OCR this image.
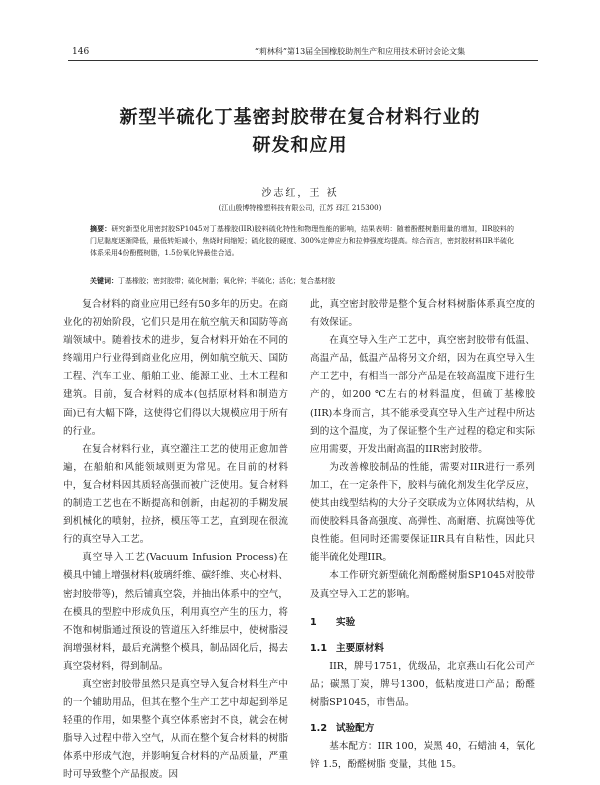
146	“莉林科”第13届全国橡胶助剂生产和应用技术研讨会论文集
新型半硫化丁基密封胶带在复合材料行业的
研发和应用
沙志红，王 袄
(江山殷博特橡塑科技有限公司，江苏 邳江 215300)
摘要：研究新型化用密封胶SP1045对丁基橡胶(IIR)胶料硫化特性和物理性能的影响，结果表明：随着酚醛树脂用量的增加，IIR胶料的门尼黏度逐渐降低，最低转矩减小，焦烧时间缩短；硫化胶的硬度、300%定伸应力和拉伸强度均提高。综合而言，密封胶材料IIR半硫化体系采用4份酚醛树脂，1.5份氧化锌最佳合适。
关键词：丁基橡胶；密封胶带；硫化树脂；氧化锌；半硫化；活化；复合基材胶

复合材料的商业应用已经有50多年的历史。在商业化的初始阶段，它们只是用在航空航天和国防等高端领域中。随着技术的进步，复合材料开始在不同的终端用户行业得到商业化应用，例如航空航天、国防工程、汽车工业、船舶工业、能源工业、土木工程和建筑。目前，复合材料的成本(包括原材料和制造方面)已有大幅下降，这使得它们得以大规模应用于所有的行业。

在复合材料行业，真空灌注工艺的使用正愈加普遍，在船舶和风能领域则更为常见。在目前的材料中，复合材料因其质轻高强而被广泛使用。复合材料的制造工艺也在不断提高和创新，由起初的手糊发展到机械化的喷射，拉挤，模压等工艺，直到现在很流行的真空导入工艺。

真空导入工艺(Vacuum Infusion Process)在模具中铺上增强材料(玻璃纤维、碳纤维、夹心材料、密封胶带等)，然后铺真空袋，并抽出体系中的空气，在模具的型腔中形成负压，利用真空产生的压力，将不饱和树脂通过预设的管道压入纤维层中，使树脂浸润增强材料，最后充满整个模具，制品固化后，揭去真空袋材料，得到制品。

真空密封胶带虽然只是真空导入复合材料生产中的一个辅助用品，但其在整个生产工艺中却起到举足轻重的作用，如果整个真空体系密封不良，就会在树脂导入过程中带入空气，从而在整个复合材料的树脂体系中形成气泡，并影响复合材料的产品质量，严重时可导致整个产品报废。因

此，真空密封胶带是整个复合材料树脂体系真空度的有效保证。

在真空导入生产工艺中，真空密封胶带有低温、高温产品，低温产品将另文介绍，因为在真空导入生产工艺中，有相当一部分产品是在较高温度下进行生产的，如200 ℃左右的材料温度，但硫丁基橡胶(IIR)本身而言，其不能承受真空导入生产过程中所达到的这个温度，为了保证整个生产过程的稳定和实际应用需要，开发出耐高温的IIR密封胶带。

为改善橡胶制品的性能，需要对IIR进行一系列加工，在一定条件下，胶料与硫化剂发生化学反应，使其由线型结构的大分子交联成为立体网状结构，从而使胶料具备高强度、高弹性、高耐磨、抗腐蚀等优良性能。但同时还需要保证IIR具有自粘性，因此只能半硫化处理IIR。

本工作研究新型硫化剂酚醛树脂SP1045对胶带及真空导入工艺的影响。

1 实验
1.1 主要原材料

IIR，牌号1751，优级品，北京燕山石化公司产品；碳黑丁炭，牌号1300，低粘度进口产品；酚醛树脂SP1045，市售品。

1.2 试验配方

基本配方：IIR 100，炭黑 40，石蜡油 4，氧化锌 1.5，酚醛树脂 变量，其他 15。
